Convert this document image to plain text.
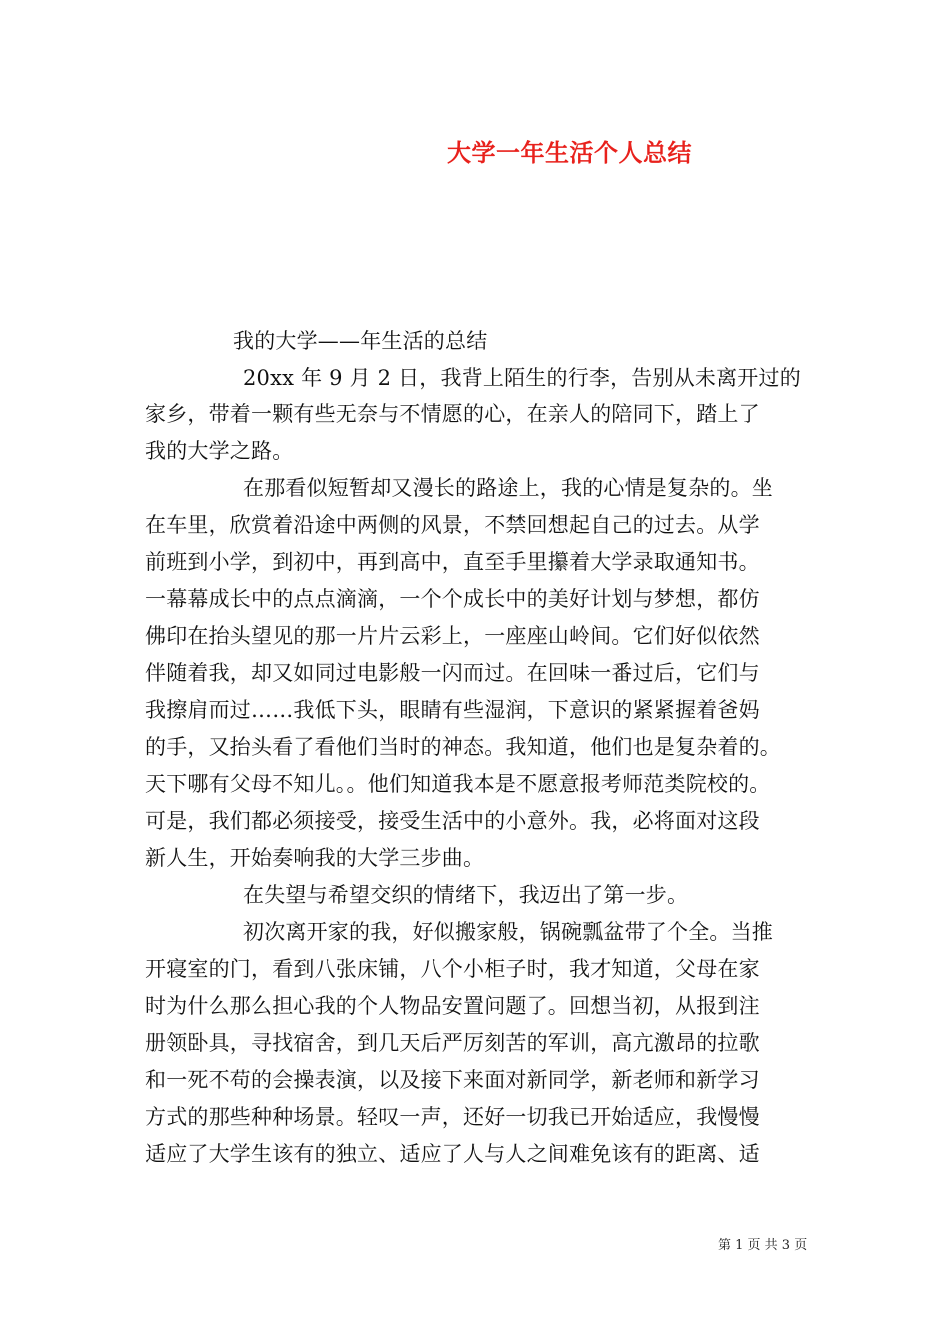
大学一年生活个人总结
我的大学——年生活的总结
20xx 年 9 月 2 日，我背上陌生的行李，告别从未离开过的
家乡，带着一颗有些无奈与不情愿的心，在亲人的陪同下，踏上了
我的大学之路。
在那看似短暂却又漫长的路途上，我的心情是复杂的。坐
在车里，欣赏着沿途中两侧的风景，不禁回想起自己的过去。从学
前班到小学，到初中，再到高中，直至手里攥着大学录取通知书。
一幕幕成长中的点点滴滴，一个个成长中的美好计划与梦想，都仿
佛印在抬头望见的那一片片云彩上，一座座山岭间。它们好似依然
伴随着我，却又如同过电影般一闪而过。在回味一番过后，它们与
我擦肩而过……我低下头，眼睛有些湿润，下意识的紧紧握着爸妈
的手，又抬头看了看他们当时的神态。我知道，他们也是复杂着的。
天下哪有父母不知儿。。他们知道我本是不愿意报考师范类院校的。
可是，我们都必须接受，接受生活中的小意外。我，必将面对这段
新人生，开始奏响我的大学三步曲。
在失望与希望交织的情绪下，我迈出了第一步。
初次离开家的我，好似搬家般，锅碗瓢盆带了个全。当推
开寝室的门，看到八张床铺，八个小柜子时，我才知道，父母在家
时为什么那么担心我的个人物品安置问题了。回想当初，从报到注
册领卧具，寻找宿舍，到几天后严厉刻苦的军训，高亢激昂的拉歌
和一死不苟的会操表演，以及接下来面对新同学，新老师和新学习
方式的那些种种场景。轻叹一声，还好一切我已开始适应，我慢慢
适应了大学生该有的独立、适应了人与人之间难免该有的距离、适
第 1 页 共 3 页
